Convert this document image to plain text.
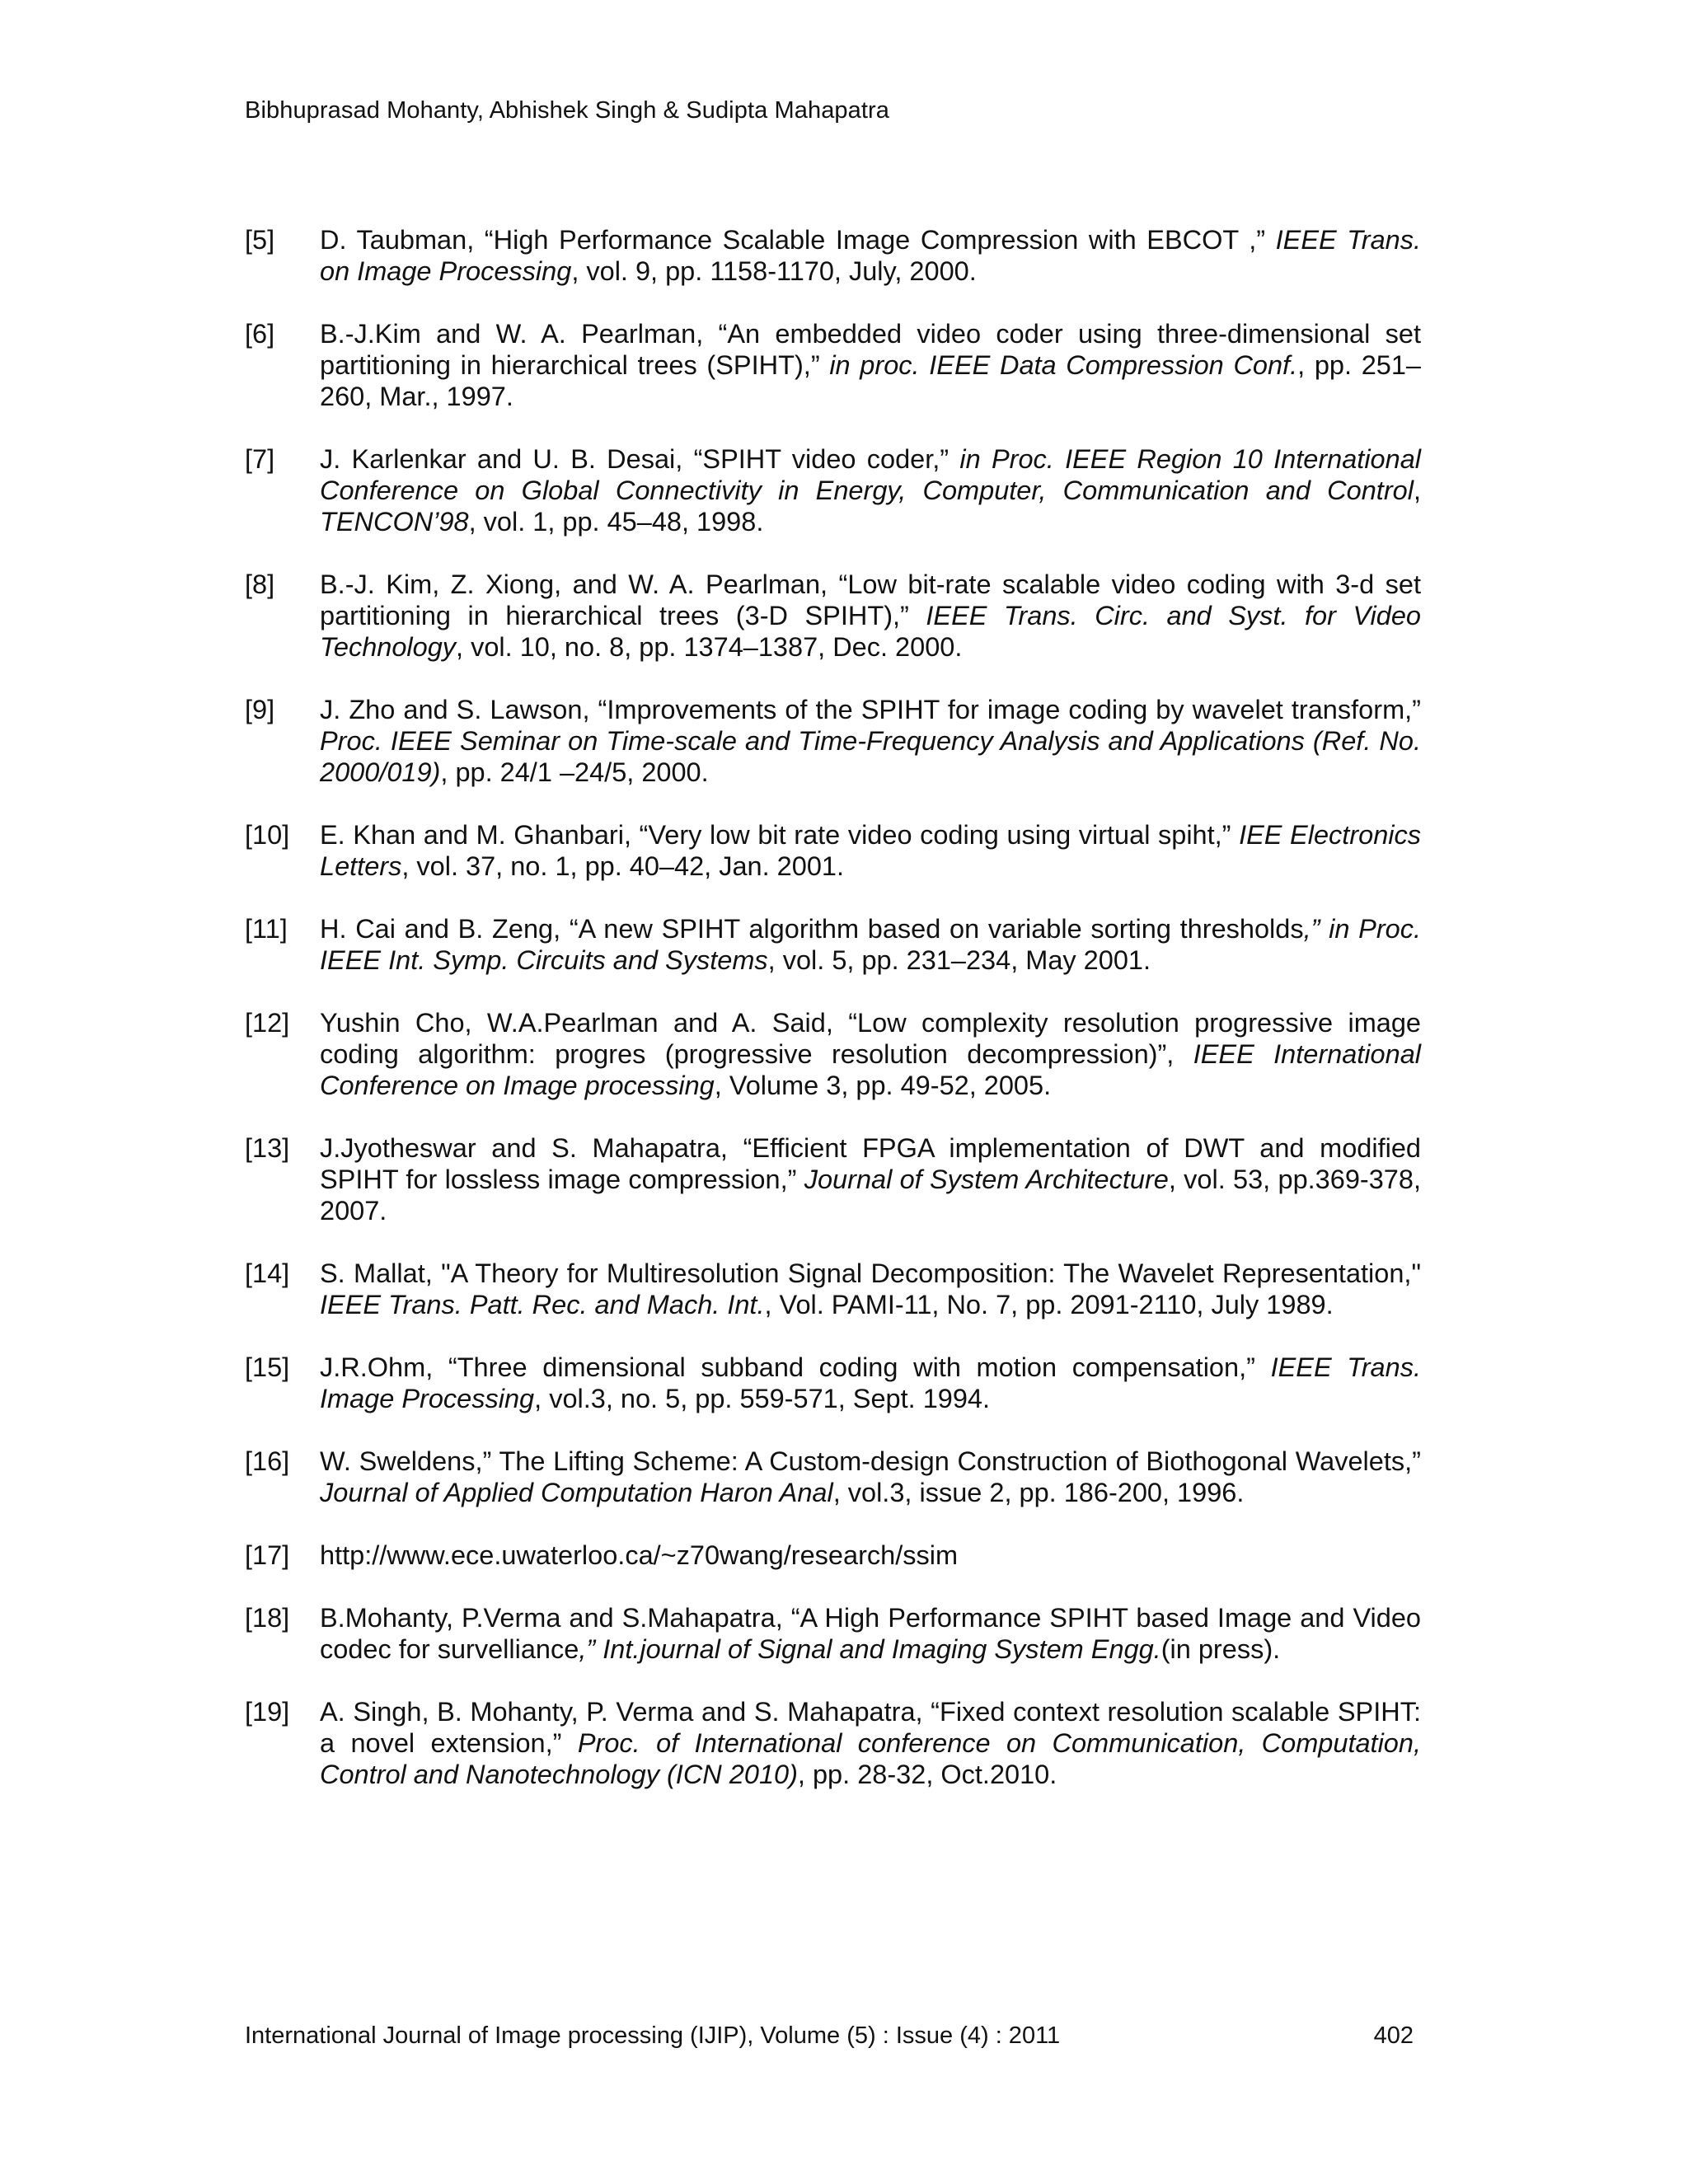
Bibhuprasad Mohanty, Abhishek Singh & Sudipta Mahapatra
[5] D. Taubman, “High Performance Scalable Image Compression with EBCOT ,” IEEE Trans. on Image Processing, vol. 9, pp. 1158-1170, July, 2000.
[6] B.-J.Kim and W. A. Pearlman, “An embedded video coder using three-dimensional set partitioning in hierarchical trees (SPIHT),” in proc. IEEE Data Compression Conf., pp. 251–260, Mar., 1997.
[7] J. Karlenkar and U. B. Desai, “SPIHT video coder,” in Proc. IEEE Region 10 International Conference on Global Connectivity in Energy, Computer, Communication and Control, TENCON’98, vol. 1, pp. 45–48, 1998.
[8] B.-J. Kim, Z. Xiong, and W. A. Pearlman, “Low bit-rate scalable video coding with 3-d set partitioning in hierarchical trees (3-D SPIHT),” IEEE Trans. Circ. and Syst. for Video Technology, vol. 10, no. 8, pp. 1374–1387, Dec. 2000.
[9] J. Zho and S. Lawson, “Improvements of the SPIHT for image coding by wavelet transform,” Proc. IEEE Seminar on Time-scale and Time-Frequency Analysis and Applications (Ref. No. 2000/019), pp. 24/1 –24/5, 2000.
[10] E. Khan and M. Ghanbari, “Very low bit rate video coding using virtual spiht,” IEE Electronics Letters, vol. 37, no. 1, pp. 40–42, Jan. 2001.
[11] H. Cai and B. Zeng, “A new SPIHT algorithm based on variable sorting thresholds,” in Proc. IEEE Int. Symp. Circuits and Systems, vol. 5, pp. 231–234, May 2001.
[12] Yushin Cho, W.A.Pearlman and A. Said, “Low complexity resolution progressive image coding algorithm: progres (progressive resolution decompression)”, IEEE International Conference on Image processing, Volume 3, pp. 49-52, 2005.
[13] J.Jyotheswar and S. Mahapatra, “Efficient FPGA implementation of DWT and modified SPIHT for lossless image compression,” Journal of System Architecture, vol. 53, pp.369-378, 2007.
[14] S. Mallat, "A Theory for Multiresolution Signal Decomposition: The Wavelet Representation," IEEE Trans. Patt. Rec. and Mach. Int., Vol. PAMI-11, No. 7, pp. 2091-2110, July 1989.
[15] J.R.Ohm, “Three dimensional subband coding with motion compensation,” IEEE Trans. Image Processing, vol.3, no. 5, pp. 559-571, Sept. 1994.
[16] W. Sweldens,” The Lifting Scheme: A Custom-design Construction of Biothogonal Wavelets,” Journal of Applied Computation Haron Anal, vol.3, issue 2, pp. 186-200, 1996.
[17] http://www.ece.uwaterloo.ca/~z70wang/research/ssim
[18] B.Mohanty, P.Verma and S.Mahapatra, “A High Performance SPIHT based Image and Video codec for survelliance,” Int.journal of Signal and Imaging System Engg.(in press).
[19] A. Singh, B. Mohanty, P. Verma and S. Mahapatra, “Fixed context resolution scalable SPIHT: a novel extension,” Proc. of International conference on Communication, Computation, Control and Nanotechnology (ICN 2010), pp. 28-32, Oct.2010.
International Journal of Image processing (IJIP), Volume (5) : Issue (4) : 2011	402
